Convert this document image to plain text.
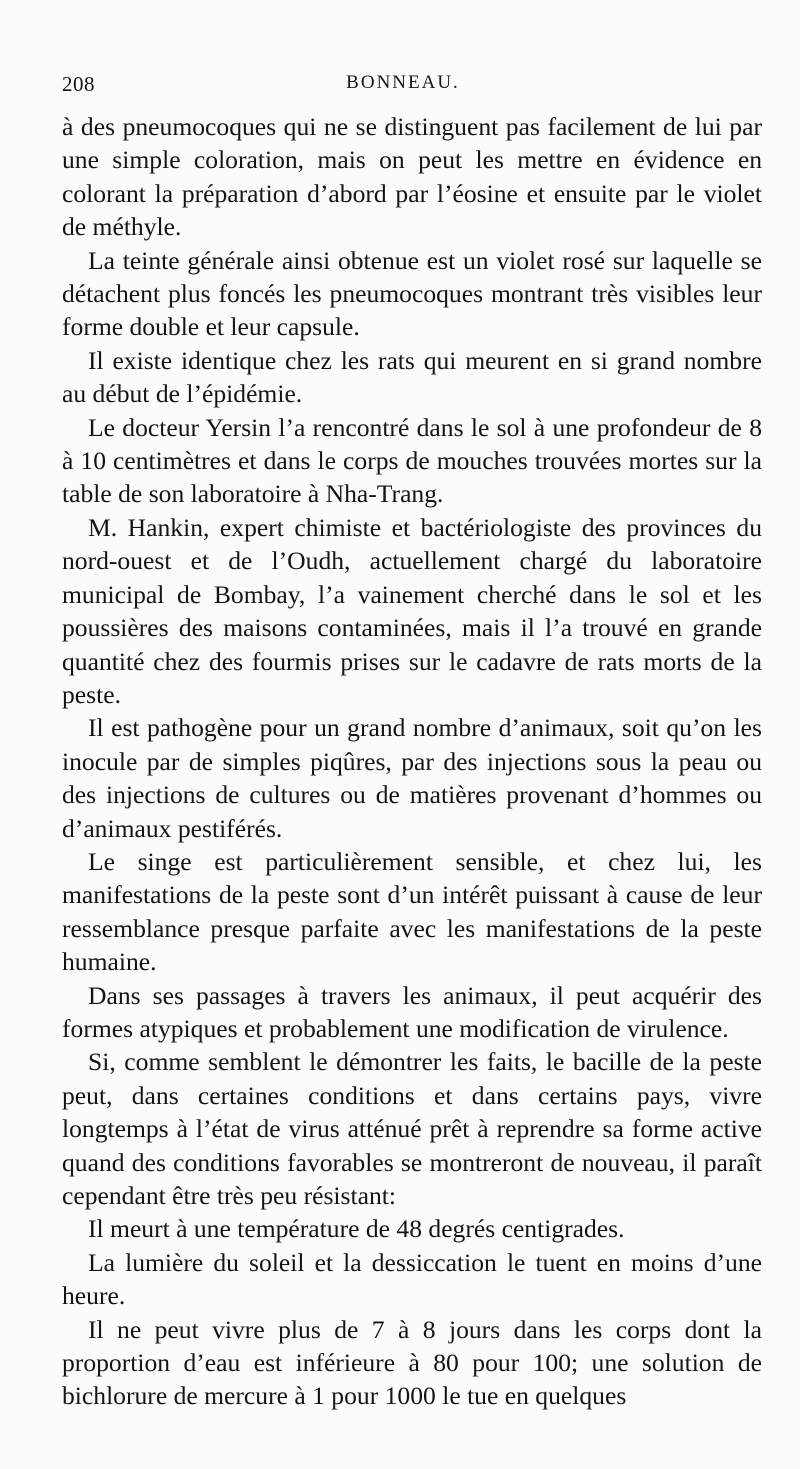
208	BONNEAU.

à des pneumocoques qui ne se distinguent pas facilement de lui par une simple coloration, mais on peut les mettre en évidence en colorant la préparation d’abord par l’éosine et ensuite par le violet de méthyle.

La teinte générale ainsi obtenue est un violet rosé sur laquelle se détachent plus foncés les pneumocoques montrant très visibles leur forme double et leur capsule.

Il existe identique chez les rats qui meurent en si grand nombre au début de l’épidémie.

Le docteur Yersin l’a rencontré dans le sol à une profondeur de 8 à 10 centimètres et dans le corps de mouches trouvées mortes sur la table de son laboratoire à Nha-Trang.

M. Hankin, expert chimiste et bactériologiste des provinces du nord-ouest et de l’Oudh, actuellement chargé du laboratoire municipal de Bombay, l’a vainement cherché dans le sol et les poussières des maisons contaminées, mais il l’a trouvé en grande quantité chez des fourmis prises sur le cadavre de rats morts de la peste.

Il est pathogène pour un grand nombre d’animaux, soit qu’on les inocule par de simples piqûres, par des injections sous la peau ou des injections de cultures ou de matières provenant d’hommes ou d’animaux pestiférés.

Le singe est particulièrement sensible, et chez lui, les manifestations de la peste sont d’un intérêt puissant à cause de leur ressemblance presque parfaite avec les manifestations de la peste humaine.

Dans ses passages à travers les animaux, il peut acquérir des formes atypiques et probablement une modification de virulence.

Si, comme semblent le démontrer les faits, le bacille de la peste peut, dans certaines conditions et dans certains pays, vivre longtemps à l’état de virus atténué prêt à reprendre sa forme active quand des conditions favorables se montreront de nouveau, il paraît cependant être très peu résistant:

Il meurt à une température de 48 degrés centigrades.

La lumière du soleil et la dessiccation le tuent en moins d’une heure.

Il ne peut vivre plus de 7 à 8 jours dans les corps dont la proportion d’eau est inférieure à 80 pour 100; une solution de bichlorure de mercure à 1 pour 1000 le tue en quelques
